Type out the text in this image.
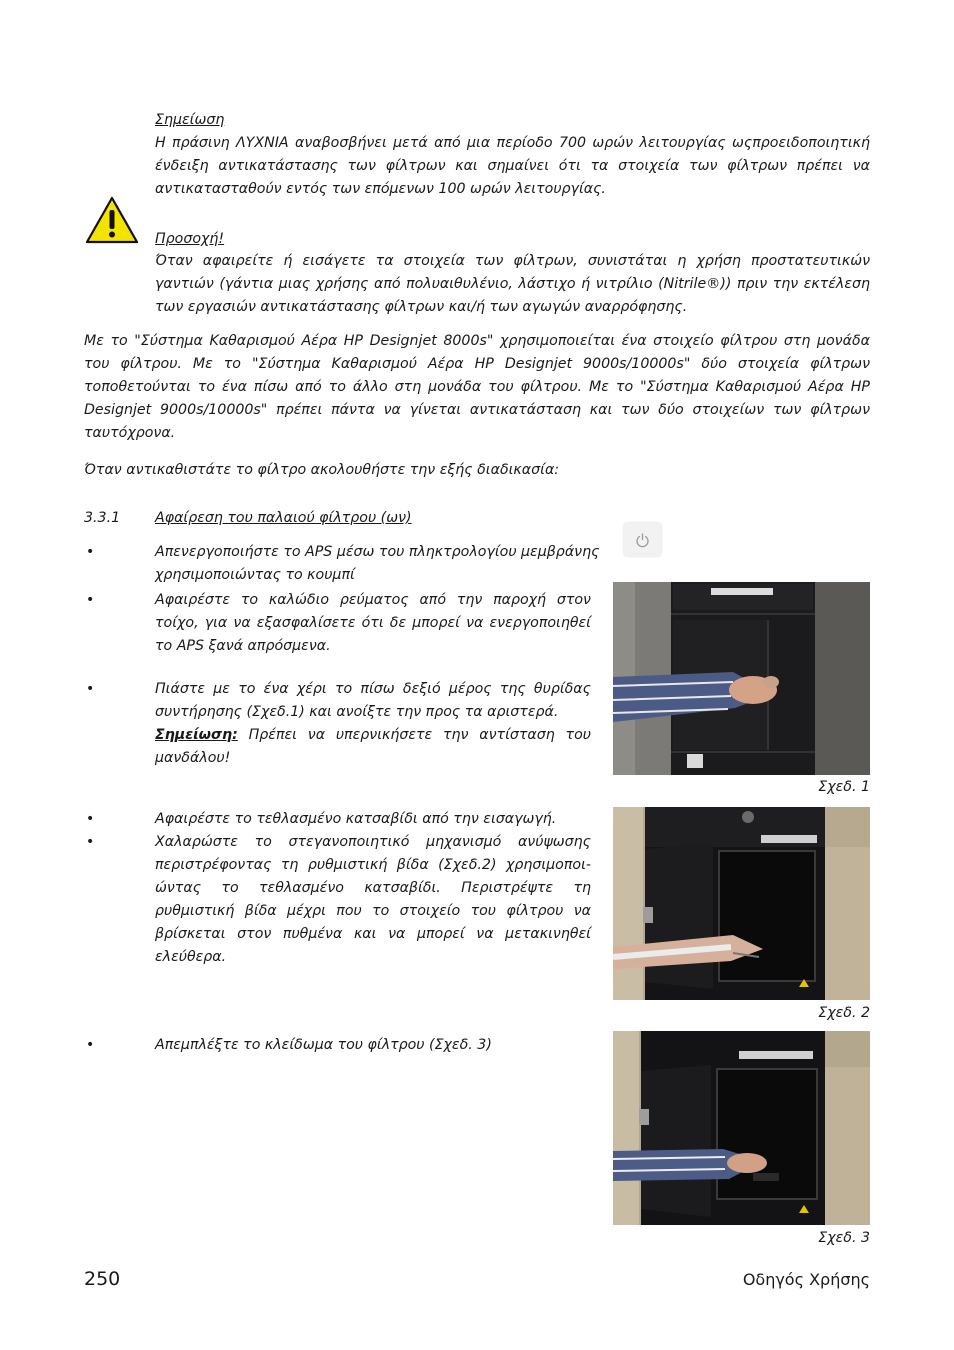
Σημείωση
Η πράσινη ΛΥΧΝΙΑ αναβοσβήνει μετά από μια περίοδο 700 ωρών λειτουργίας ωςπροειδοποιητική ένδειξη αντικατάστασης των φίλτρων και σημαίνει ότι τα στοιχεία των φίλτρων πρέπει να αντικατασταθούν εντός των επόμενων 100 ωρών λειτουργίας.
Προσοχή!
Όταν αφαιρείτε ή εισάγετε τα στοιχεία των φίλτρων, συνιστάται η χρήση προστατευτικών γαντιών (γάντια μιας χρήσης από πολυαιθυλένιο, λάστιχο ή νιτρίλιο (Nitrile®)) πριν την εκτέλεση των εργασιών αντικατάστασης φίλτρων και/ή των αγωγών αναρρόφησης.
Με το "Σύστημα Καθαρισμού Αέρα HP Designjet 8000s" χρησιμοποιείται ένα στοιχείο φίλτρου στη μονάδα του φίλτρου. Με το "Σύστημα Καθαρισμού Αέρα HP Designjet 9000s/10000s" δύο στοιχεία φίλτρων τοποθετούνται το ένα πίσω από το άλλο στη μονάδα του φίλτρου. Με το "Σύστημα Καθαρισμού Αέρα HP Designjet 9000s/10000s" πρέπει πάντα να γίνεται αντικατάσταση και των δύο στοιχείων των φίλτρων ταυτόχρονα.
Όταν αντικαθιστάτε το φίλτρο ακολουθήστε την εξής διαδικασία:
3.3.1 Αφαίρεση του παλαιού φίλτρου (ων)
•	Απενεργοποιήστε το APS μέσω του πληκτρολογίου μεμβράνης χρησιμοποιώντας το κουμπί
•	Αφαιρέστε το καλώδιο ρεύματος από την παροχή στον τοίχο, για να εξασφαλίσετε ότι δε μπορεί να ενεργοποιηθεί το APS ξανά απρόσμενα.
•	Πιάστε με το ένα χέρι το πίσω δεξιό μέρος της θυρίδας συντήρησης (Σχεδ.1) και ανοίξτε την προς τα αριστερά.
Σημείωση: Πρέπει να υπερνικήσετε την αντίσταση του μανδάλου!
Σχεδ. 1
•	Αφαιρέστε το τεθλασμένο κατσαβίδι από την εισαγωγή.
•	Χαλαρώστε το στεγανοποιητικό μηχανισμό ανύψωσης περιστρέφοντας τη ρυθμιστική βίδα (Σχεδ.2) χρησιμοποι-ώντας το τεθλασμένο κατσαβίδι. Περιστρέψτε τη ρυθμιστική βίδα μέχρι που το στοιχείο του φίλτρου να βρίσκεται στον πυθμένα και να μπορεί να μετακινηθεί ελεύθερα.
Σχεδ. 2
•	Απεμπλέξτε το κλείδωμα του φίλτρου (Σχεδ. 3)
Σχεδ. 3
250	Οδηγός Χρήσης
